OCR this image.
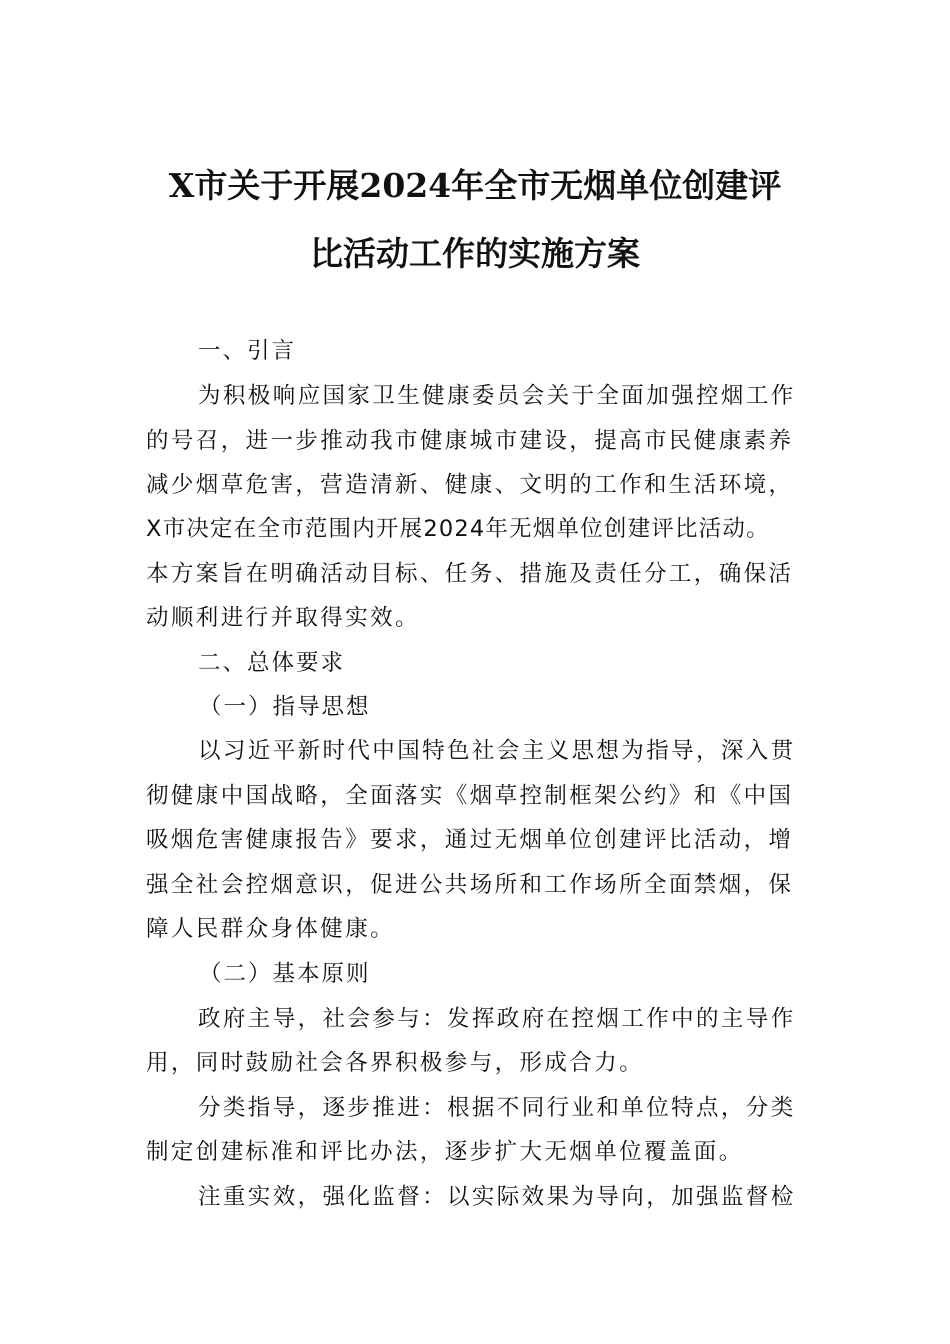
X市关于开展2024年全市无烟单位创建评
比活动工作的实施方案
一、引言
为积极响应国家卫生健康委员会关于全面加强控烟工作
的号召，进一步推动我市健康城市建设，提高市民健康素养
减少烟草危害，营造清新、健康、文明的工作和生活环境，
X市决定在全市范围内开展2024年无烟单位创建评比活动。
本方案旨在明确活动目标、任务、措施及责任分工，确保活
动顺利进行并取得实效。
二、总体要求
（一）指导思想
以习近平新时代中国特色社会主义思想为指导，深入贯
彻健康中国战略，全面落实《烟草控制框架公约》和《中国
吸烟危害健康报告》要求，通过无烟单位创建评比活动，增
强全社会控烟意识，促进公共场所和工作场所全面禁烟，保
障人民群众身体健康。
（二）基本原则
政府主导，社会参与：发挥政府在控烟工作中的主导作
用，同时鼓励社会各界积极参与，形成合力。
分类指导，逐步推进：根据不同行业和单位特点，分类
制定创建标准和评比办法，逐步扩大无烟单位覆盖面。
注重实效，强化监督：以实际效果为导向，加强监督检
